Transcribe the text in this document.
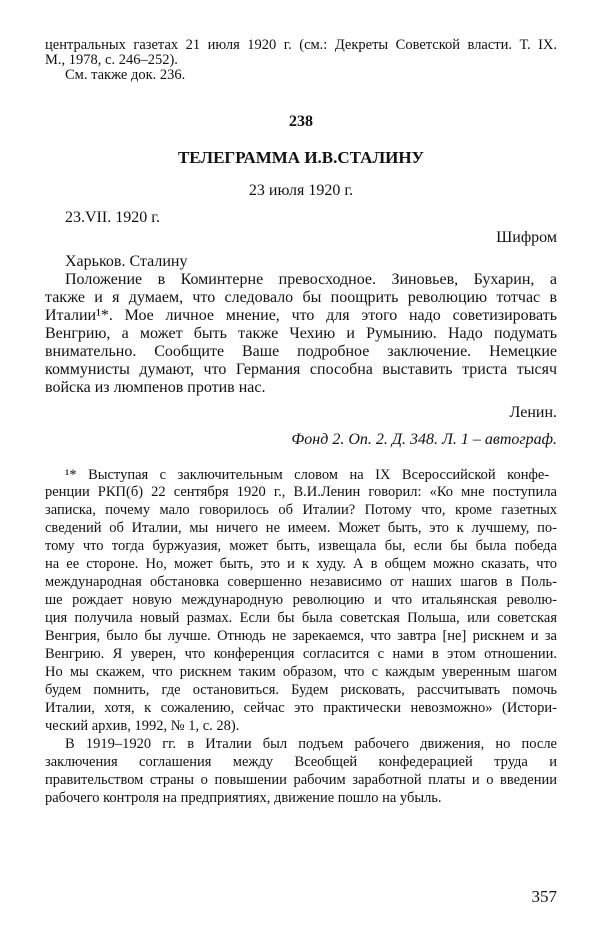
центральных газетах 21 июля 1920 г. (см.: Декреты Советской власти. Т. IX.
М., 1978, с. 246–252).
См. также док. 236.
238
ТЕЛЕГРАММА И.В.СТАЛИНУ
23 июля 1920 г.
23.VII. 1920 г.
Шифром
Харьков. Сталину
Положение в Коминтерне превосходное. Зиновьев, Бухарин, а
также и я думаем, что следовало бы поощрить революцию тотчас в
Италии¹*. Мое личное мнение, что для этого надо советизировать
Венгрию, а может быть также Чехию и Румынию. Надо подумать
внимательно. Сообщите Ваше подробное заключение. Немецкие
коммунисты думают, что Германия способна выставить триста тысяч
войска из люмпенов против нас.
Ленин.
Фонд 2. Оп. 2. Д. 348. Л. 1 – автограф.
¹* Выступая с заключительным словом на IX Всероссийской конфе-
ренции РКП(б) 22 сентября 1920 г., В.И.Ленин говорил: «Ко мне поступила
записка, почему мало говорилось об Италии? Потому что, кроме газетных
сведений об Италии, мы ничего не имеем. Может быть, это к лучшему, по-
тому что тогда буржуазия, может быть, извещала бы, если бы была победа
на ее стороне. Но, может быть, это и к худу. А в общем можно сказать, что
международная обстановка совершенно независимо от наших шагов в Поль-
ше рождает новую международную революцию и что итальянская револю-
ция получила новый размах. Если бы была советская Польша, или советская
Венгрия, было бы лучше. Отнюдь не зарекаемся, что завтра [не] рискнем и за
Венгрию. Я уверен, что конференция согласится с нами в этом отношении.
Но мы скажем, что рискнем таким образом, что с каждым уверенным шагом
будем помнить, где остановиться. Будем рисковать, рассчитывать помочь
Италии, хотя, к сожалению, сейчас это практически невозможно» (Истори-
ческий архив, 1992, № 1, с. 28).
В 1919–1920 гг. в Италии был подъем рабочего движения, но после
заключения соглашения между Всеобщей конфедерацией труда и
правительством страны о повышении рабочим заработной платы и о введении
рабочего контроля на предприятиях, движение пошло на убыль.
357
